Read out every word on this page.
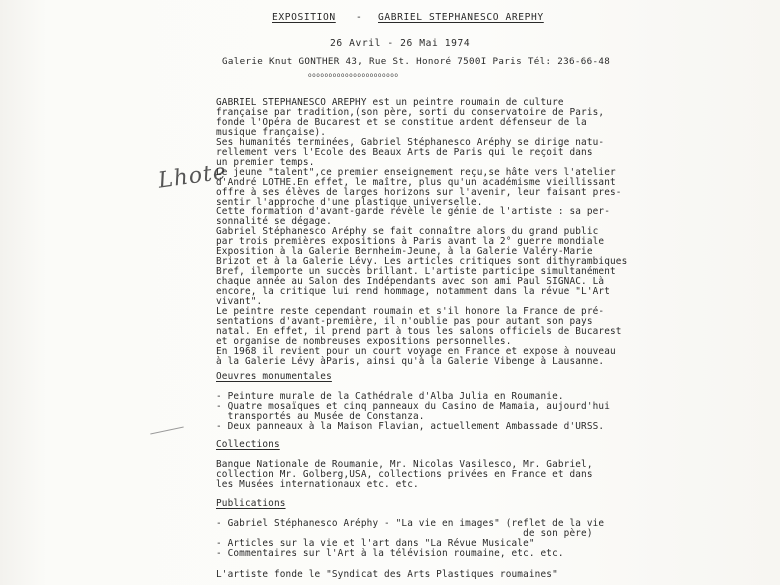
EXPOSITION - GABRIEL STEPHANESCO AREPHY
26 Avril - 26 Mai 1974
Galerie Knut GONTHER 43, Rue St. Honoré 7500I Paris Tél: 236-66-48
oooooooooooooooooooooo
Lhote
GABRIEL STEPHANESCO AREPHY est un peintre roumain de culture
française par tradition,(son père, sorti du conservatoire de Paris,
fonde l'Opéra de Bucarest et se constitue ardent défenseur de la
musique française).
Ses humanités terminées, Gabriel Stéphanesco Aréphy se dirige natu-
rellement vers l'Ecole des Beaux Arts de Paris qui le reçoit dans
un premier temps.
Le jeune "talent",ce premier enseignement reçu,se hâte vers l'atelier
d'André LOTHE.En effet, le maître, plus qu'un académisme vieillissant
offre à ses élèves de larges horizons sur l'avenir, leur faisant pres-
sentir l'approche d'une plastique universelle.
Cette formation d'avant-garde révèle le génie de l'artiste : sa per-
sonnalité se dégage.
Gabriel Stéphanesco Aréphy se fait connaître alors du grand public
par trois premières expositions à Paris avant la 2° guerre mondiale
Exposition à la Galerie Bernheim-Jeune, à la Galerie Valéry-Marie
Brizot et à la Galerie Lévy. Les articles critiques sont dithyrambiques
Bref, ilemporte un succès brillant. L'artiste participe simultanément
chaque année au Salon des Indépendants avec son ami Paul SIGNAC. Là
encore, la critique lui rend hommage, notamment dans la révue "L'Art
vivant".
Le peintre reste cependant roumain et s'il honore la France de pré-
sentations d'avant-première, il n'oublie pas pour autant son pays
natal. En effet, il prend part à tous les salons officiels de Bucarest
et organise de nombreuses expositions personnelles.
En 1968 il revient pour un court voyage en France et expose à nouveau
à la Galerie Lévy àParis, ainsi qu'à la Galerie Vibenge à Lausanne.
Oeuvres monumentales
- Peinture murale de la Cathédrale d'Alba Julia en Roumanie.
- Quatre mosaïques et cinq panneaux du Casino de Mamaia, aujourd'hui
transportés au Musée de Constanza.
- Deux panneaux à la Maison Flavian, actuellement Ambassade d'URSS.
Collections
Banque Nationale de Roumanie, Mr. Nicolas Vasilesco, Mr. Gabriel,
collection Mr. Golberg,USA, collections privées en France et dans
les Musées internationaux etc. etc.
Publications
- Gabriel Stéphanesco Aréphy - "La vie en images" (reflet de la vie
de son père)
- Articles sur la vie et l'art dans "La Révue Musicale"
- Commentaires sur l'Art à la télévision roumaine, etc. etc.
L'artiste fonde le "Syndicat des Arts Plastiques roumaines"
